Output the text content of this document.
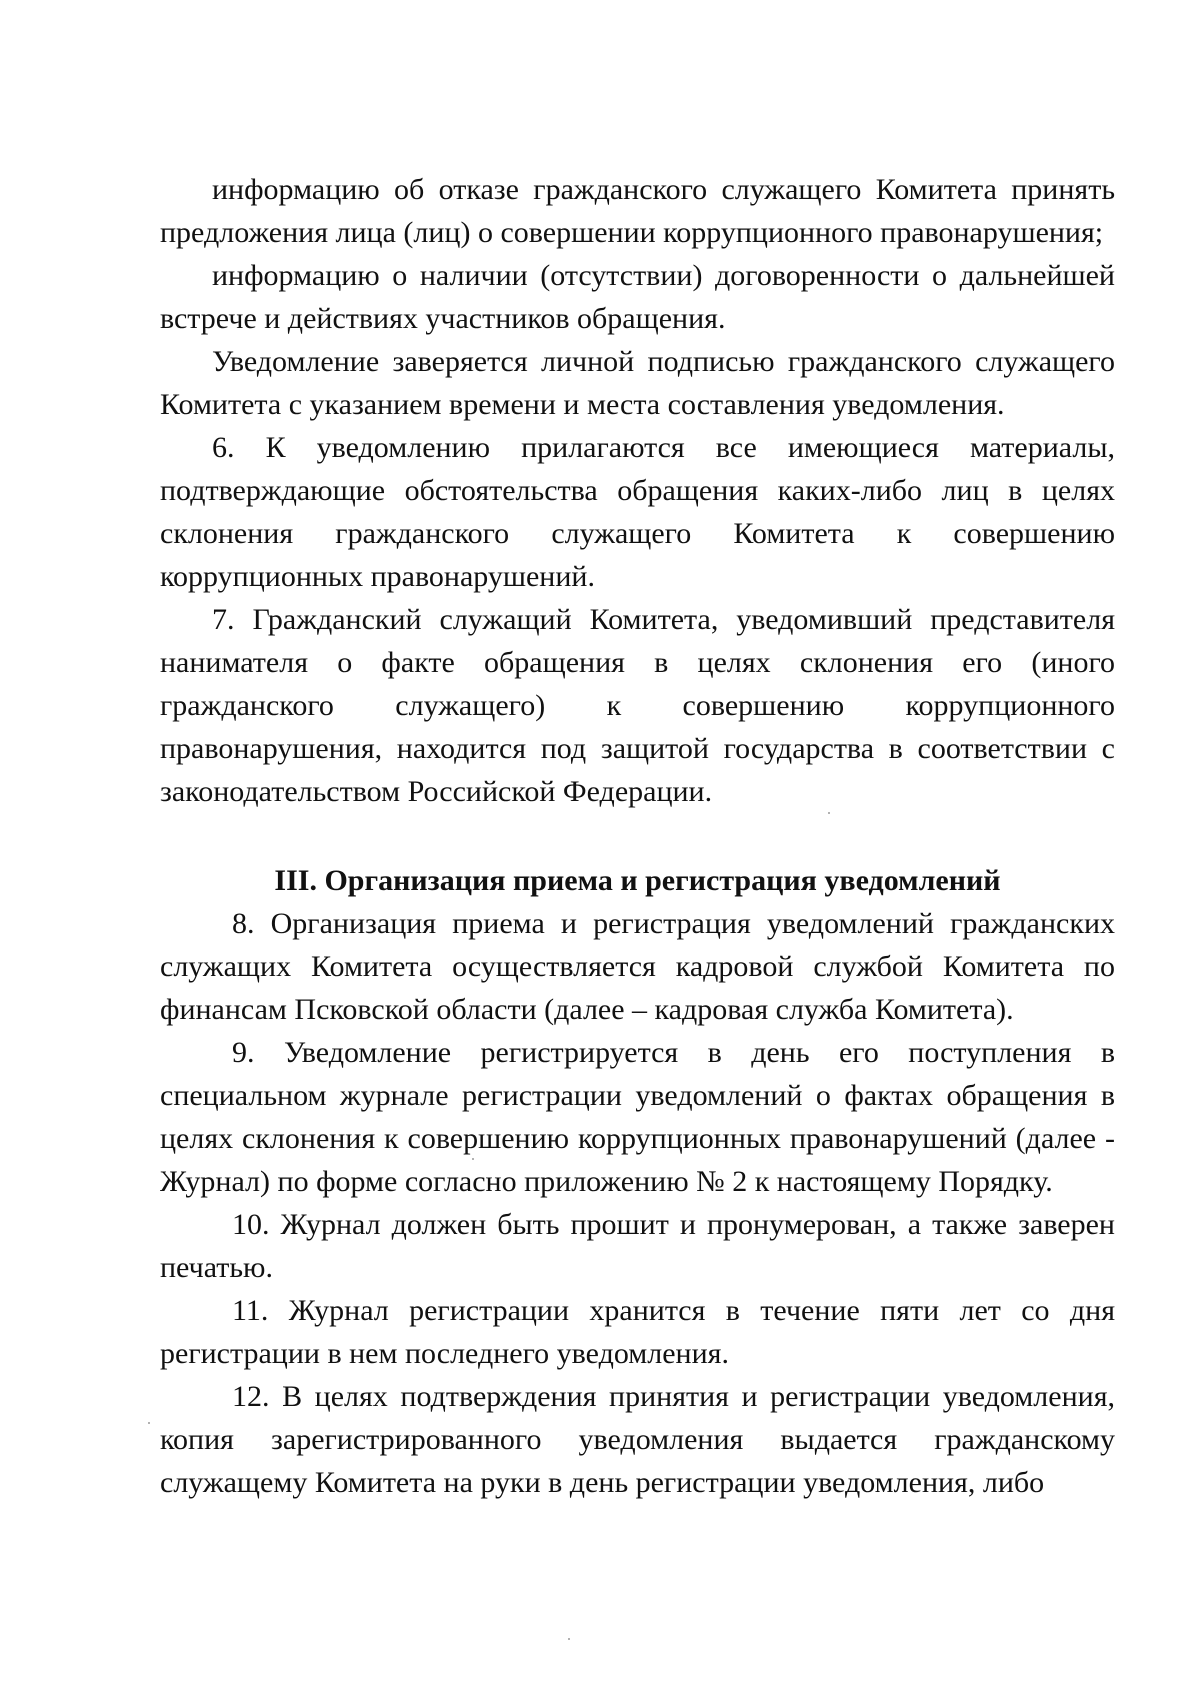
информацию об отказе гражданского служащего Комитета принять предложения лица (лиц) о совершении коррупционного правонарушения;

информацию о наличии (отсутствии) договоренности о дальнейшей встрече и действиях участников обращения.

Уведомление заверяется личной подписью гражданского служащего Комитета с указанием времени и места составления уведомления.

6. К уведомлению прилагаются все имеющиеся материалы, подтверждающие обстоятельства обращения каких-либо лиц в целях склонения гражданского служащего Комитета к совершению коррупционных правонарушений.

7. Гражданский служащий Комитета, уведомивший представителя нанимателя о факте обращения в целях склонения его (иного гражданского служащего) к совершению коррупционного правонарушения, находится под защитой государства в соответствии с законодательством Российской Федерации.

III. Организация приема и регистрация уведомлений

8. Организация приема и регистрация уведомлений гражданских служащих Комитета осуществляется кадровой службой Комитета по финансам Псковской области (далее – кадровая служба Комитета).

9. Уведомление регистрируется в день его поступления в специальном журнале регистрации уведомлений о фактах обращения в целях склонения к совершению коррупционных правонарушений (далее - Журнал) по форме согласно приложению № 2 к настоящему Порядку.

10. Журнал должен быть прошит и пронумерован, а также заверен печатью.

11. Журнал регистрации хранится в течение пяти лет со дня регистрации в нем последнего уведомления.

12. В целях подтверждения принятия и регистрации уведомления, копия зарегистрированного уведомления выдается гражданскому служащему Комитета на руки в день регистрации уведомления, либо
